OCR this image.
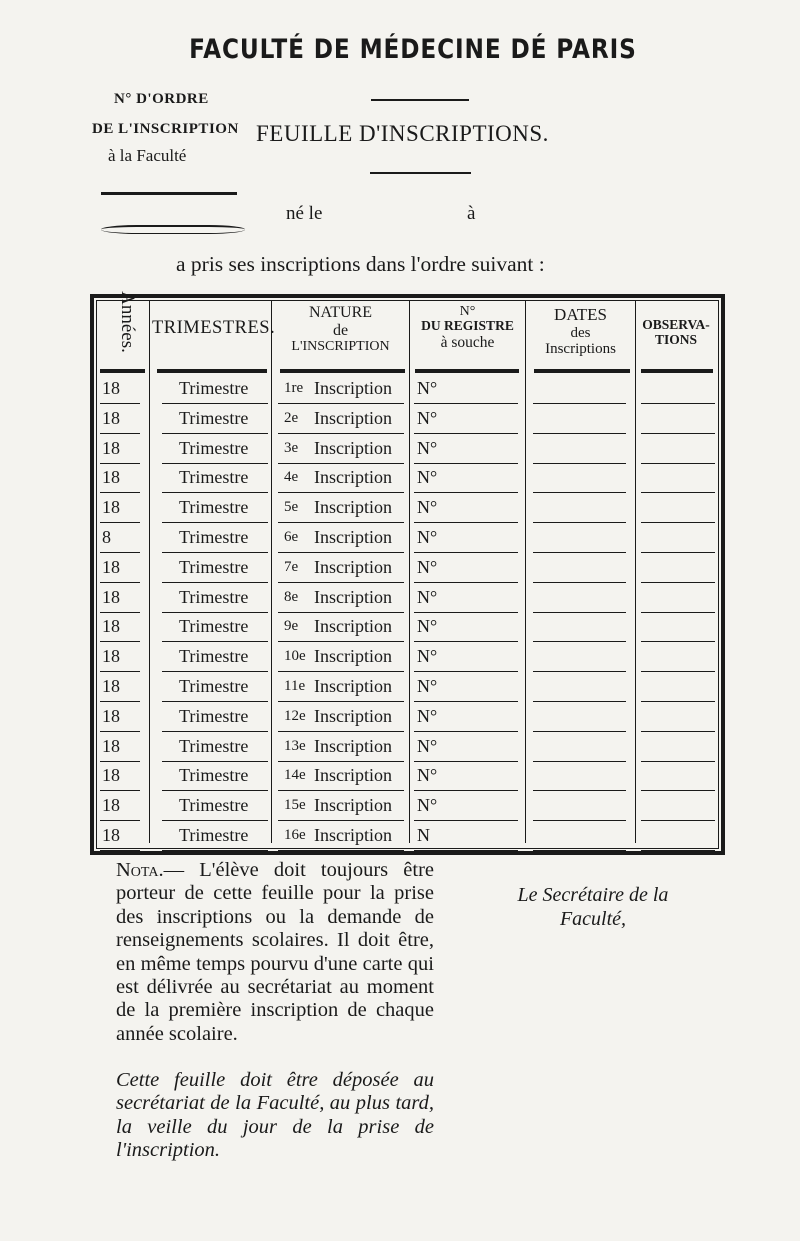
FACULTÉ DE MÉDECINE DÉ PARIS
N° D'ORDRE
DE L'INSCRIPTION FEUILLE D'INSCRIPTIONS.
à la Faculté
né le	à
a pris ses inscriptions dans l'ordre suivant :
Années. TRIMESTRES.
NATURE
de
L'INSCRIPTION
N°
DU REGISTRE
à souche
DATES
des
Inscriptions
OBSERVA-
TIONS
18	Trimestre 1re Inscription N°
18	Trimestre 2e Inscription N°
18	Trimestre 3e Inscription N°
18	Trimestre 4e Inscription N°
18	Trimestre 5e Inscription N°
8	Trimestre 6e Inscription N°
18	Trimestre 7e Inscription N°
18	Trimestre 8e Inscription N°
18	Trimestre 9e Inscription N°
18	Trimestre 10e Inscription N°
18	Trimestre 11e Inscription N°
18	Trimestre 12e Inscription N°
18	Trimestre 13e Inscription N°
18	Trimestre 14e Inscription N°
18	Trimestre 15e Inscription N°
18	Trimestre 16e Inscription N
Nota.— L'élève doit toujours être porteur de cette feuille pour la prise des inscriptions ou la demande de renseignements scolaires. Il doit être, en même temps pourvu d'une carte qui est délivrée au secrétariat au moment de la première inscription de chaque année scolaire.
Cette feuille doit être déposée au secrétariat de la Faculté, au plus tard, la veille du jour de la prise de l'inscription.
Le Secrétaire de la
Faculté,
